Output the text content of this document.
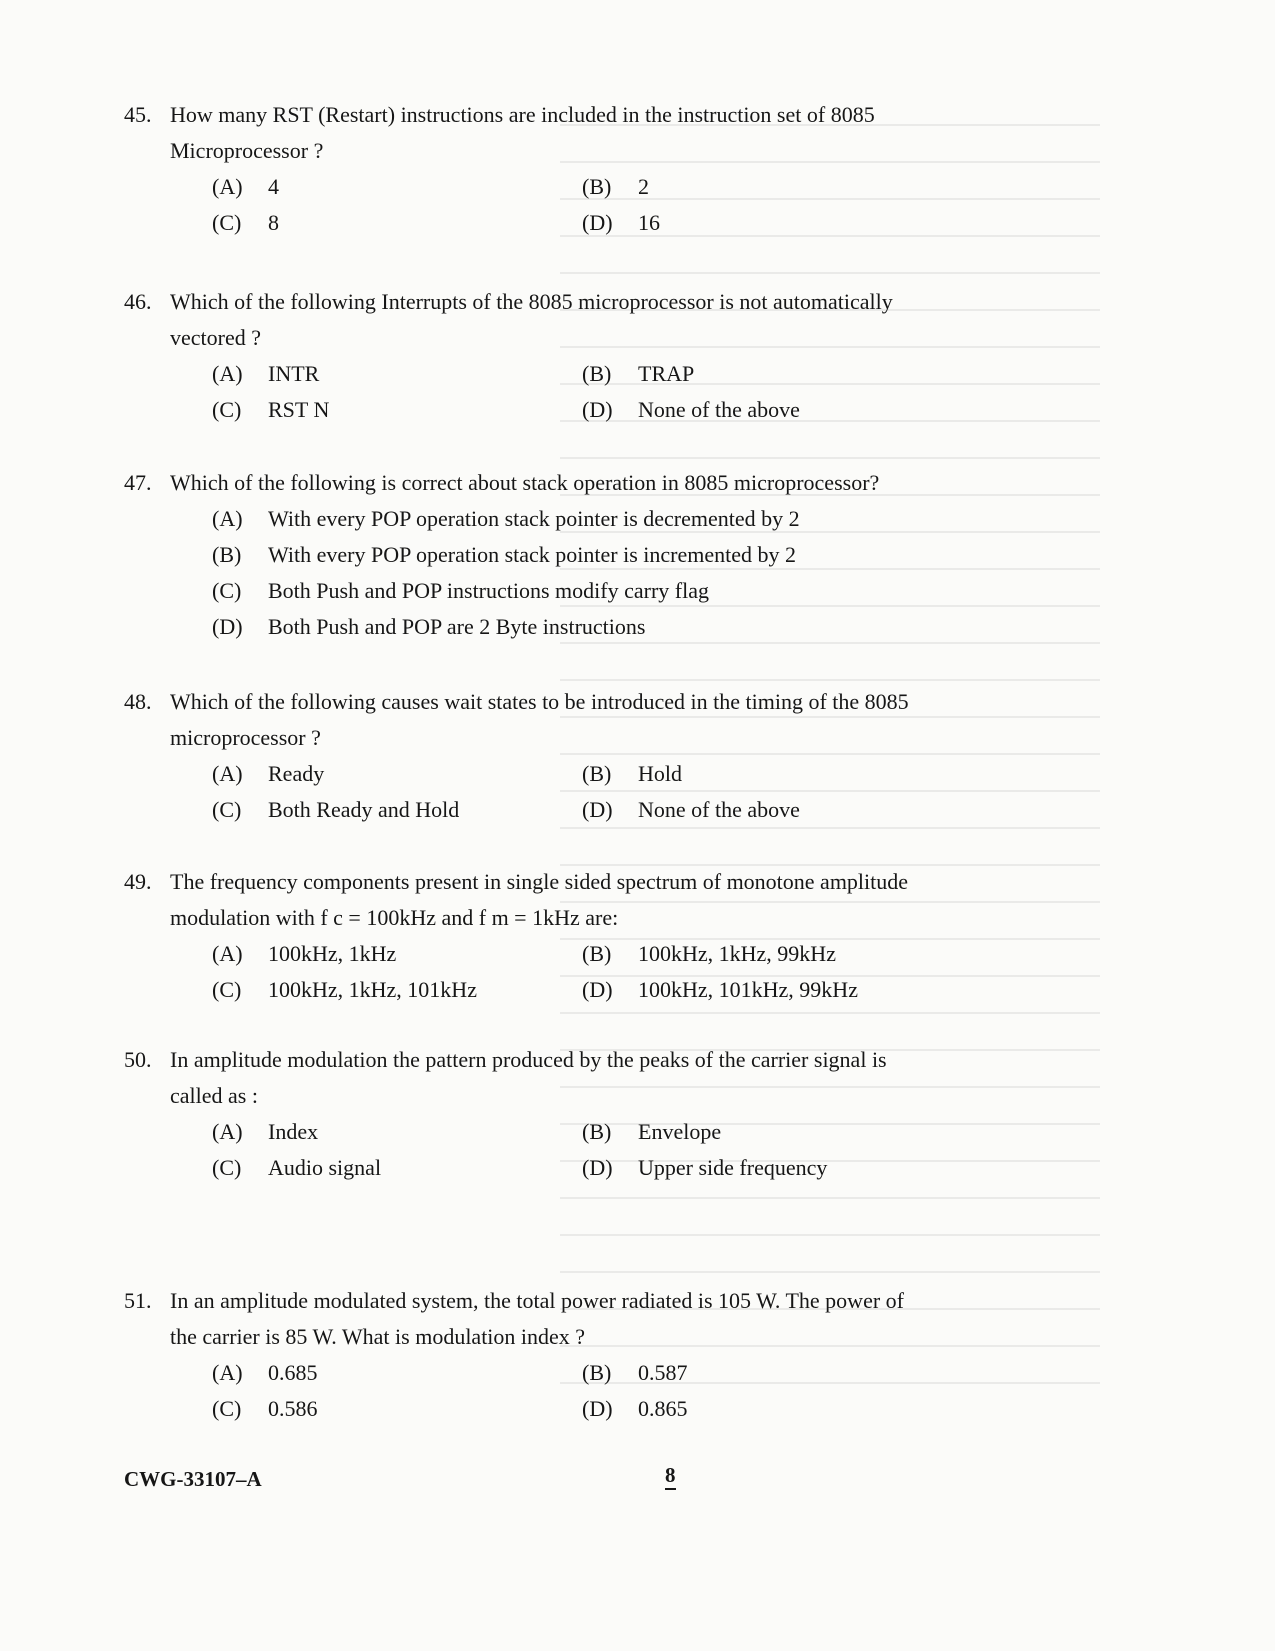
45. How many RST (Restart) instructions are included in the instruction set of 8085
Microprocessor ?
(A)	4	(B)	2
(C)	8	(D)	16
46. Which of the following Interrupts of the 8085 microprocessor is not automatically
vectored ?
(A)	INTR	(B)	TRAP
(C)	RST N	(D)	None of the above
47. Which of the following is correct about stack operation in 8085 microprocessor?
(A)	With every POP operation stack pointer is decremented by 2
(B)	With every POP operation stack pointer is incremented by 2
(C)	Both Push and POP instructions modify carry flag
(D)	Both Push and POP are 2 Byte instructions
48. Which of the following causes wait states to be introduced in the timing of the 8085
microprocessor ?
(A)	Ready	(B)	Hold
(C)	Both Ready and Hold	(D)	None of the above
49. The frequency components present in single sided spectrum of monotone amplitude
modulation with f c = 100kHz and f m = 1kHz are:
(A)	100kHz, 1kHz	(B)	100kHz, 1kHz, 99kHz
(C)	100kHz, 1kHz, 101kHz	(D)	100kHz, 101kHz, 99kHz
50. In amplitude modulation the pattern produced by the peaks of the carrier signal is
called as :
(A)	Index	(B)	Envelope
(C)	Audio signal	(D)	Upper side frequency
51. In an amplitude modulated system, the total power radiated is 105 W. The power of
the carrier is 85 W. What is modulation index ?
(A)	0.685	(B)	0.587
(C)	0.586	(D)	0.865
CWG-33107–A	8
